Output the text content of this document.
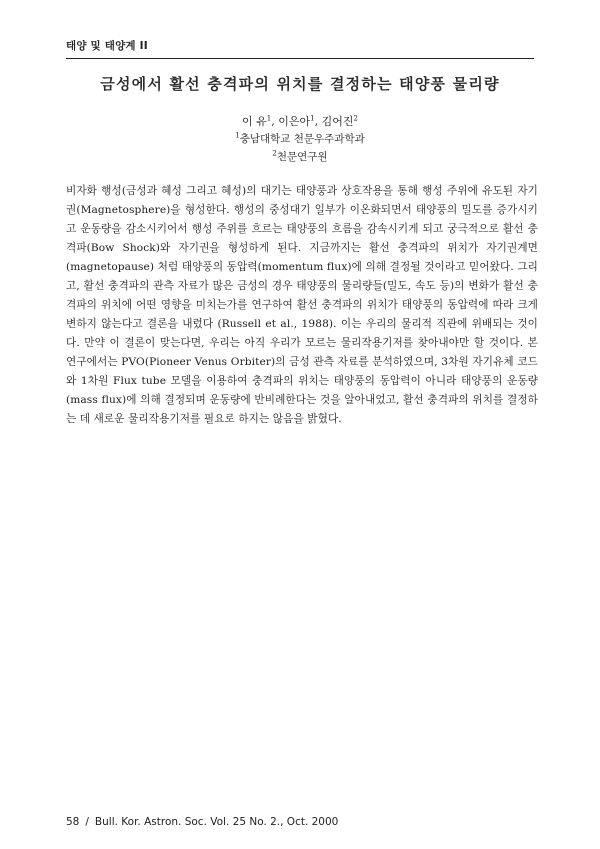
태양 및 태양계 II
금성에서 활선 충격파의 위치를 결정하는 태양풍 물리량
이 유$^1$, 이은아$^1$, 김어진$^2$
$^1$충남대학교 천문우주과학과
$^2$천문연구원
비자화 행성(금성과 혜성 그리고 혜성)의 대기는 태양풍과 상호작용을 통해 행성 주위에 유도된 자기권(Magnetosphere)을 형성한다. 행성의 중성대기 일부가 이온화되면서 태양풍의 밀도를 증가시키고 운동량을 감소시키어서 행성 주위를 흐르는 태양풍의 흐름을 감속시키게 되고 궁극적으로 활선 충격파(Bow Shock)와 자기권을 형성하게 된다. 지금까지는 활선 충격파의 위치가 자기권계면(magnetopause) 처럼 태양풍의 동압력(momentum flux)에 의해 결정될 것이라고 믿어왔다. 그리고, 활선 충격파의 관측 자료가 많은 금성의 경우 태양풍의 물리량들(밀도, 속도 등)의 변화가 활선 충격파의 위치에 어떤 영향을 미치는가를 연구하여 활선 충격파의 위치가 태양풍의 동압력에 따라 크게 변하지 않는다고 결론을 내렸다 (Russell et al., 1988). 이는 우리의 물리적 직관에 위배되는 것이다. 만약 이 결론이 맞는다면, 우리는 아직 우리가 모르는 물리작용기저를 찾아내야만 할 것이다. 본 연구에서는 PVO(Pioneer Venus Orbiter)의 금성 관측 자료를 분석하였으며, 3차원 자기유체 코드와 1차원 Flux tube 모델을 이용하여 충격파의 위치는 태양풍의 동압력이 아니라 태양풍의 운동량(mass flux)에 의해 결정되며 운동량에 반비례한다는 것을 알아내었고, 활선 충격파의 위치를 결정하는 데 새로운 물리작용기저를 필요로 하지는 않음을 밝혔다.
58 / Bull. Kor. Astron. Soc. Vol. 25 No. 2., Oct. 2000
